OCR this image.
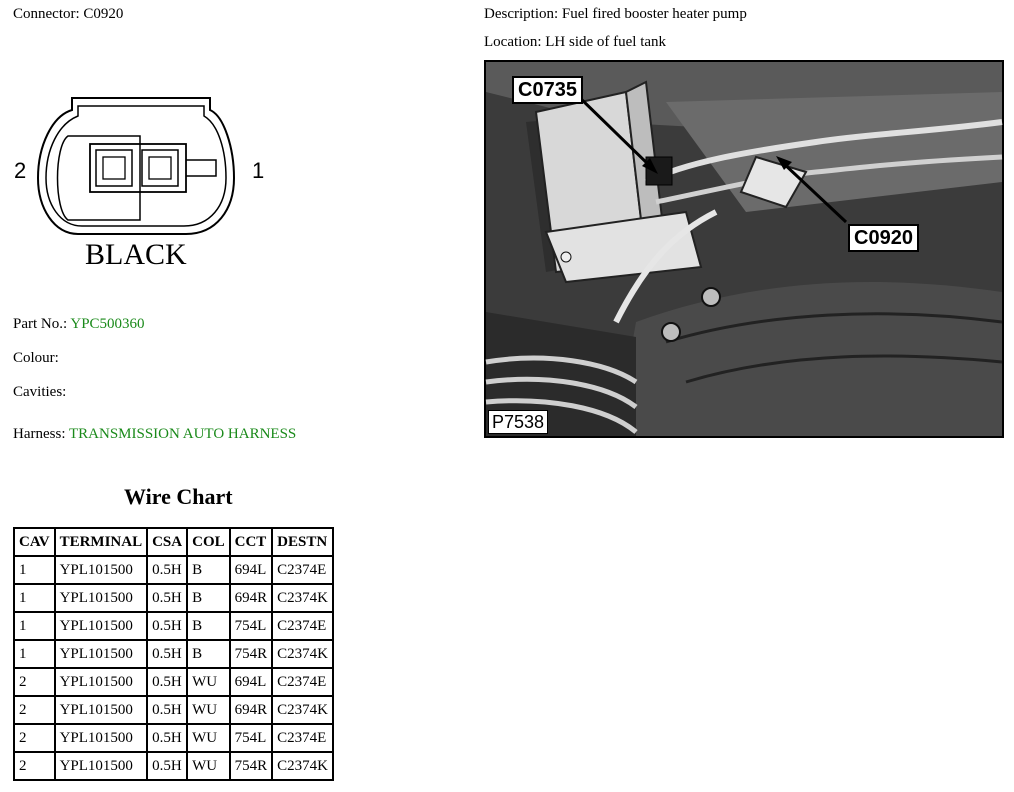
Connector: C0920	Description: Fuel fired booster heater pump
Location: LH side of fuel tank
2	1
BLACK
Part No.: YPC500360
Colour:
Cavities:
Harness: TRANSMISSION AUTO HARNESS
Wire Chart
CAV	TERMINAL	CSA	COL	CCT	DESTN
1	YPL101500	0.5H	B	694L	C2374E
1	YPL101500	0.5H	B	694R	C2374K
1	YPL101500	0.5H	B	754L	C2374E
1	YPL101500	0.5H	B	754R	C2374K
2	YPL101500	0.5H	WU	694L	C2374E
2	YPL101500	0.5H	WU	694R	C2374K
2	YPL101500	0.5H	WU	754L	C2374E
2	YPL101500	0.5H	WU	754R	C2374K
C0735
C0920
P7538
